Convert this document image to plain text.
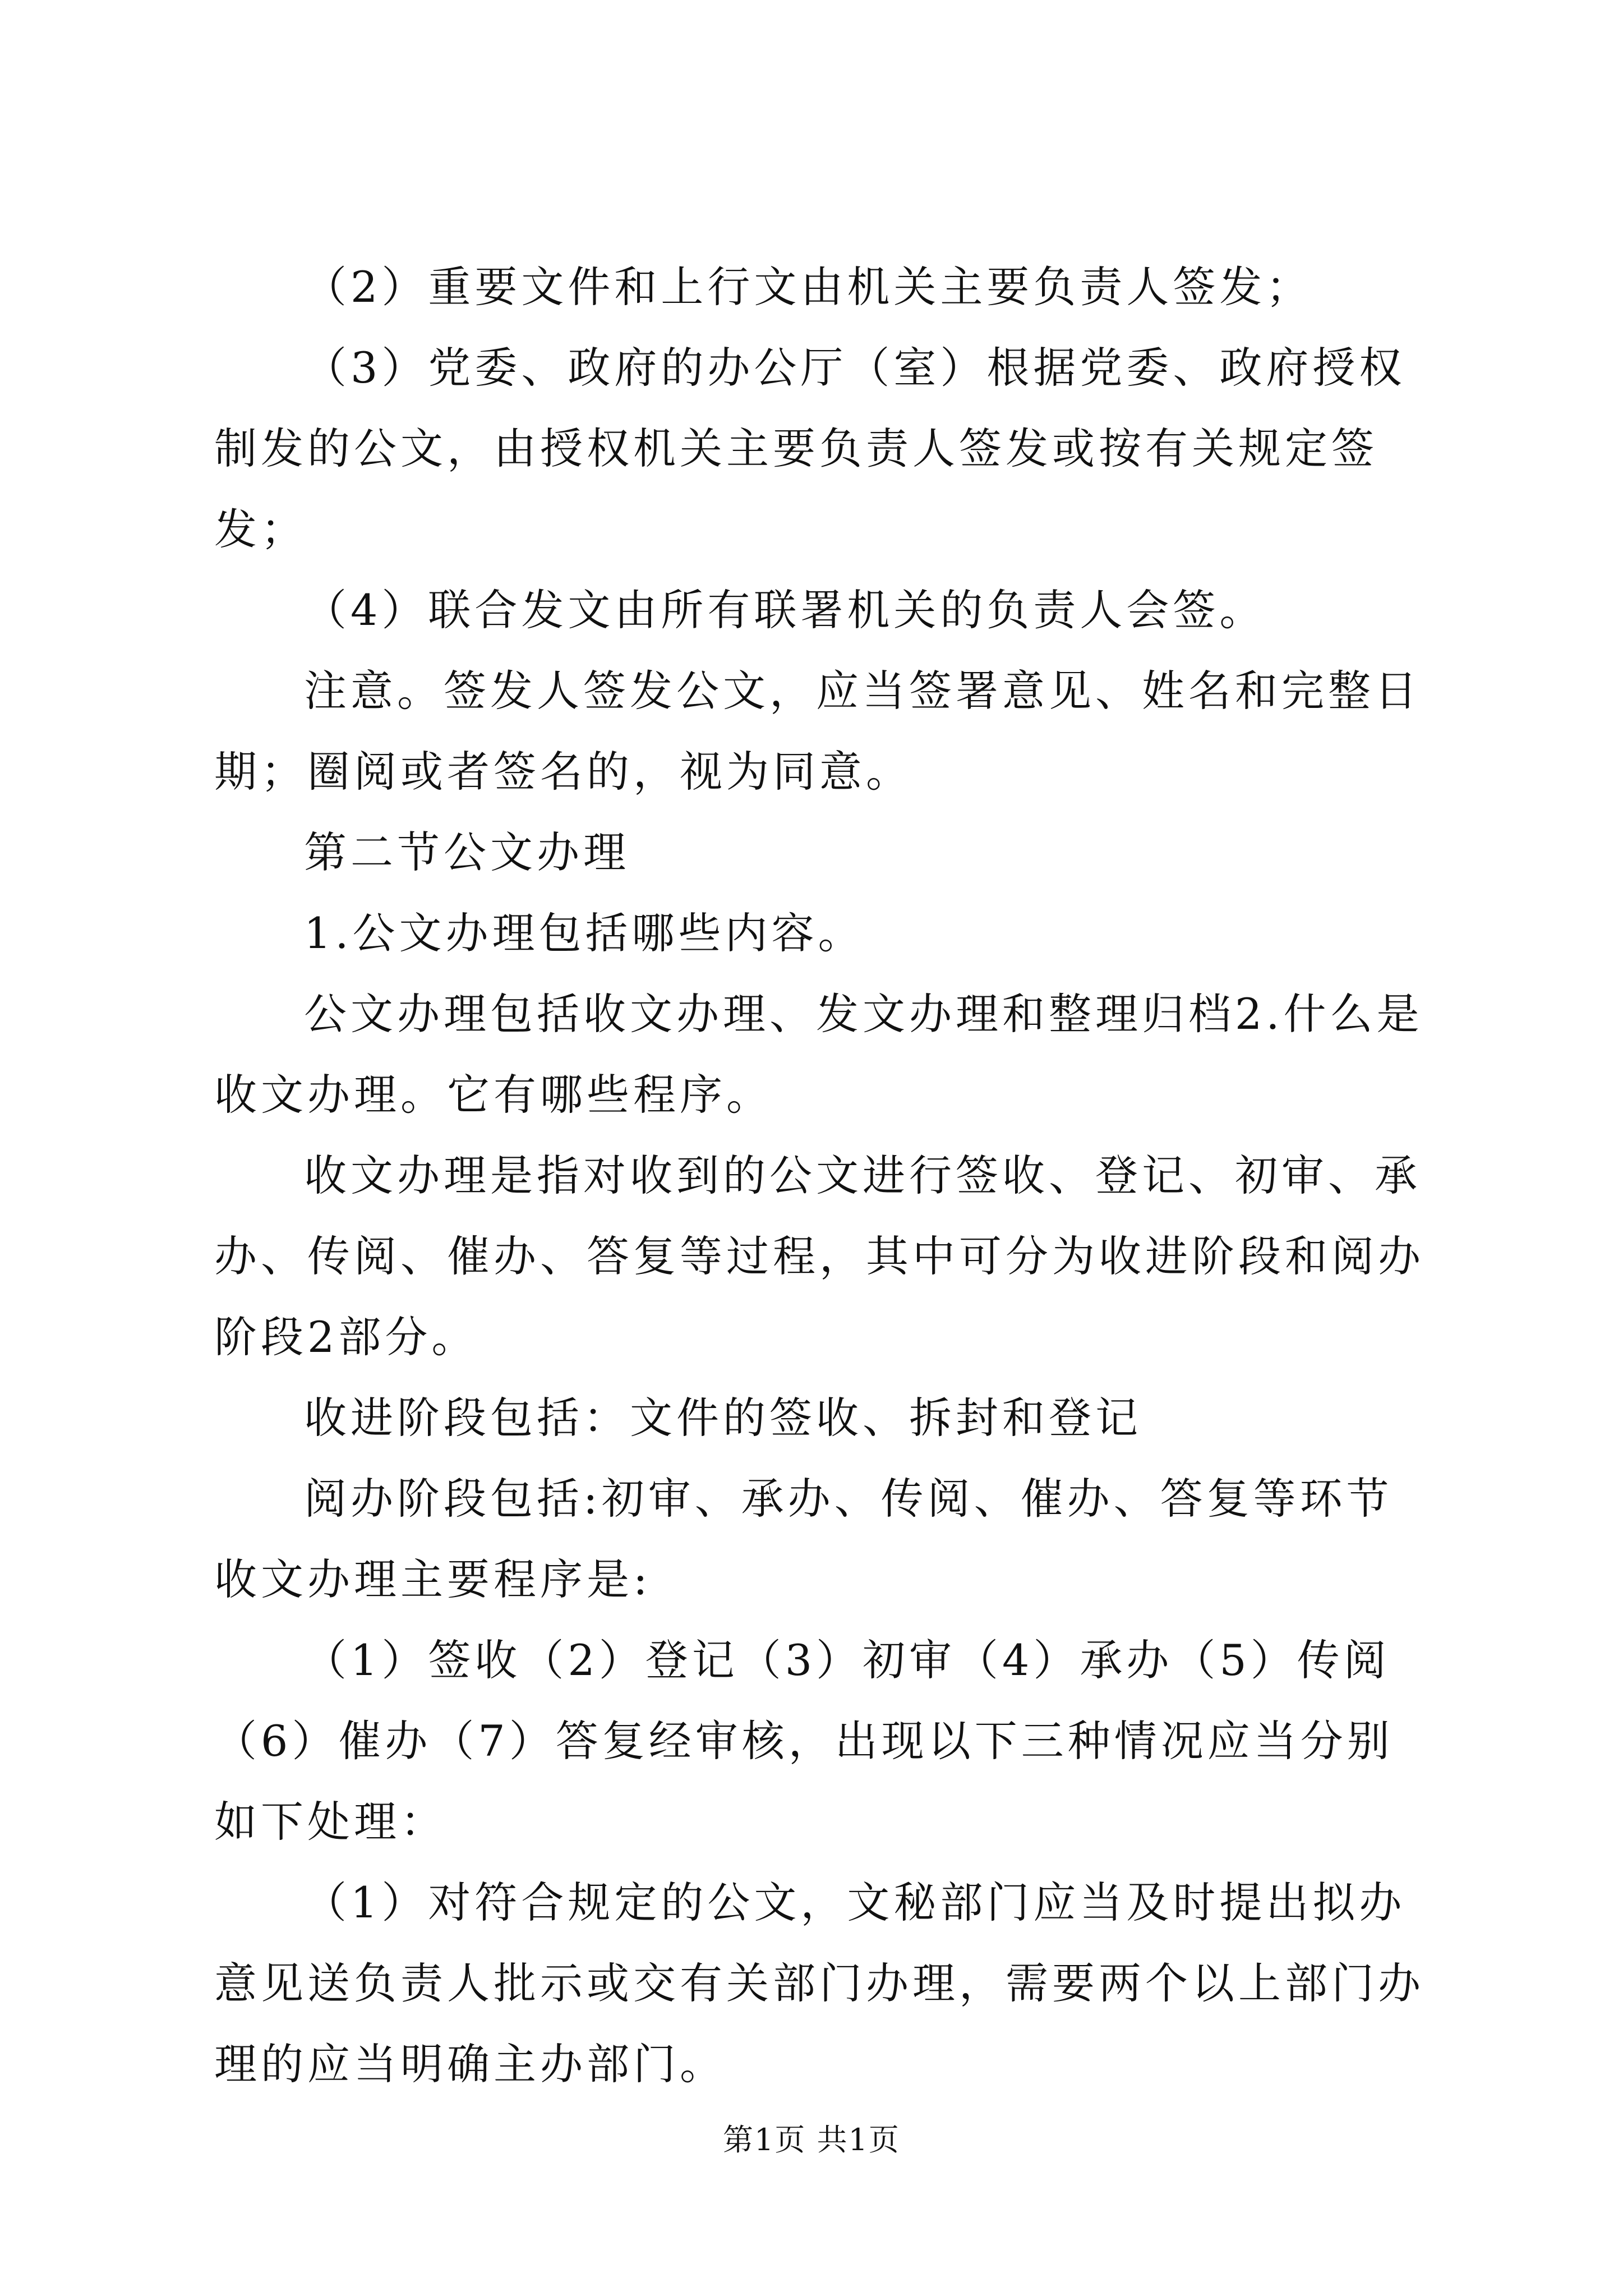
（2）重要文件和上行文由机关主要负责人签发；

（3）党委、政府的办公厅（室）根据党委、政府授权制发的公文，由授权机关主要负责人签发或按有关规定签发；

（4）联合发文由所有联署机关的负责人会签。

注意。签发人签发公文，应当签署意见、姓名和完整日期；圈阅或者签名的，视为同意。

第二节公文办理

1.公文办理包括哪些内容。

公文办理包括收文办理、发文办理和整理归档2.什么是收文办理。它有哪些程序。

收文办理是指对收到的公文进行签收、登记、初审、承办、传阅、催办、答复等过程，其中可分为收进阶段和阅办阶段2部分。

收进阶段包括：文件的签收、拆封和登记

阅办阶段包括:初审、承办、传阅、催办、答复等环节收文办理主要程序是:

（1）签收（2）登记（3）初审（4）承办（5）传阅（6）催办（7）答复经审核，出现以下三种情况应当分别如下处理：

（1）对符合规定的公文，文秘部门应当及时提出拟办意见送负责人批示或交有关部门办理，需要两个以上部门办理的应当明确主办部门。

第1页 共1页
